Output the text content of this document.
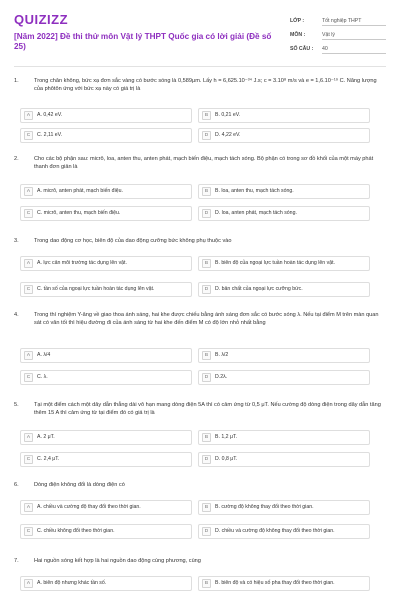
QUIZIZZ
[Năm 2022] Đề thi thử môn Vật lý THPT Quốc gia có lời giải (Đề số 25)
LỚP :	Tốt nghiệp THPT
MÔN :	Vật lý
SỐ CÂU :	40
1.	Trong chân không, bức xạ đơn sắc vàng có bước sóng là 0,589μm. Lấy h = 6,625.10⁻³⁴ J.s; c = 3.10⁸ m/s và e = 1,6.10⁻¹⁹ C. Năng lượng của phôtôn ứng với bức xạ này có giá trị là
A	A. 0,42 eV.	B	B. 0,21 eV.
C	C. 2,11 eV.	D	D. 4,22 eV.
2.	Cho các bộ phận sau: micrô, loa, anten thu, anten phát, mạch biến điệu, mạch tách sóng. Bộ phận có trong sơ đồ khối của một máy phát thanh đơn giản là
A	A. micrô, anten phát, mạch biến điệu.	B	B. loa, anten thu, mạch tách sóng.
C	C. micrô, anten thu, mạch biến điệu.	D	D. loa, anten phát, mạch tách sóng.
3.	Trong dao động cơ học, biên độ của dao động cưỡng bức không phụ thuộc vào
A	A. lực cản môi trường tác dụng lên vật.	B	B. biên độ của ngoại lực tuần hoàn tác dụng lên vật.
C	C. tần số của ngoại lực tuần hoàn tác dụng lên vật.	D	D. bản chất của ngoại lực cưỡng bức.
4.	Trong thí nghiệm Y-âng về giao thoa ánh sáng, hai khe được chiếu bằng ánh sáng đơn sắc có bước sóng λ. Nếu tại điểm M trên màn quan sát có vân tối thì hiệu đường đi của ánh sáng từ hai khe đến điểm M có độ lớn nhỏ nhất bằng
A	A. λ/4	B	B. λ/2
C	C. λ.	D	D.2λ.
5.	Tại một điểm cách một dây dẫn thẳng dài vô hạn mang dòng điện 5A thì có cảm ứng từ 0,5 μT. Nếu cường độ dòng điện trong dây dẫn tăng thêm 15 A thì cảm ứng từ tại điểm đó có giá trị là
A	A. 2 μT.	B	B. 1,2 μT.
C	C. 2,4 μT.	D	D. 0,8 μT.
6.	Dòng điện không đổi là dòng điện có
A	A. chiều và cường độ thay đổi theo thời gian.	B	B. cường độ không thay đổi theo thời gian.
C	C. chiều không đổi theo thời gian.	D	D. chiều và cường độ không thay đổi theo thời gian.
7.	Hai nguồn sóng kết hợp là hai nguồn dao động cùng phương, cùng
A	A. biên độ nhưng khác tần số.	B	B. biên độ và có hiệu số pha thay đổi theo thời gian.
